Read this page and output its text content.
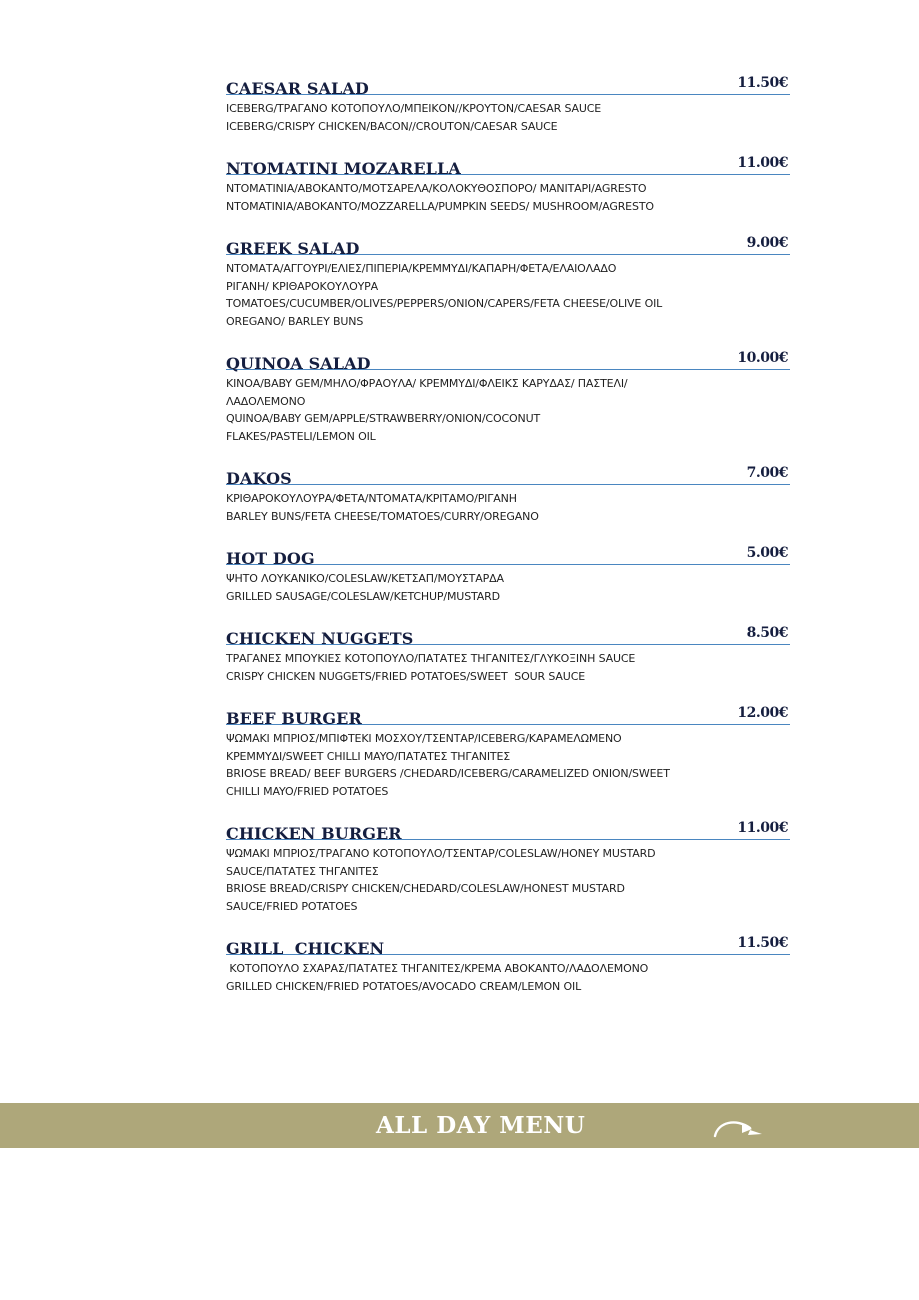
CAESAR SALAD	11.50€
ICEBERG/ΤΡΑΓΑΝΟ ΚΟΤΟΠΟΥΛΟ/ΜΠΕΙΚΟΝ//ΚΡΟΥΤΟΝ/CAESAR SAUCE
ICEBERG/CRISPY CHICKEN/BACON//CROUTON/CAESAR SAUCE
NTOMATINI MOZARELLA	11.00€
ΝΤΟΜΑΤΙΝΙΑ/ΑΒΟΚΑΝΤΟ/ΜΟΤΣΑΡΕΛΑ/ΚΟΛΟΚΥΘΟΣΠΟΡΟ/ ΜΑΝΙΤΑΡΙ/AGRESTO
NTOMATINIA/ABOKANTO/MOZZARELLA/PUMPKIN SEEDS/ MUSHROOM/AGRESTO
GREEK SALAD	9.00€
ΝΤΟΜΑΤΑ/ΑΓΓΟΥΡΙ/ΕΛΙΕΣ/ΠΙΠΕΡΙΑ/ΚΡΕΜΜΥΔΙ/ΚΑΠΑΡΗ/ΦΕΤΑ/ΕΛΑΙΟΛΑΔΟ
ΡΙΓΑΝΗ/ ΚΡΙΘΑΡΟΚΟΥΛΟΥΡΑ
TOMATOES/CUCUMBER/OLIVES/PEPPERS/ONION/CAPERS/FETA CHEESE/OLIVE OIL
OREGANO/ BARLEY BUNS
QUINOA SALAD	10.00€
ΚΙΝΟΑ/BABY GEM/ΜΗΛΟ/ΦΡΑΟΥΛΑ/ ΚΡΕΜΜΥΔΙ/ΦΛΕΙΚΣ ΚΑΡΥΔΑΣ/ ΠΑΣΤΕΛΙ/
ΛΑΔΟΛΕΜΟΝΟ
QUINOA/BABY GEM/APPLE/STRAWBERRY/ONION/COCONUT
FLAKES/PASTELI/LEMON OIL
DAKOS	7.00€
ΚΡΙΘΑΡΟΚΟΥΛΟΥΡΑ/ΦΕΤΑ/ΝΤΟΜΑΤΑ/ΚΡΙΤΑΜΟ/ΡΙΓΑΝΗ
BARLEY BUNS/FETA CHEESE/TOMATOES/CURRY/OREGANO
HOT DOG	5.00€
ΨΗΤΟ ΛΟΥΚΑΝΙΚΟ/COLESLAW/ΚΕΤΣΑΠ/ΜΟΥΣΤΑΡΔΑ
GRILLED SAUSAGE/COLESLAW/KETCHUP/MUSTARD
CHICKEN NUGGETS	8.50€
ΤΡΑΓΑΝΕΣ ΜΠΟΥΚΙΕΣ ΚΟΤΟΠΟΥΛΟ/ΠΑΤΑΤΕΣ ΤΗΓΑΝΙΤΕΣ/ΓΛΥΚΟΞΙΝΗ SAUCE
CRISPY CHICKEN NUGGETS/FRIED POTATOES/SWEET  SOUR SAUCE
BEEF BURGER	12.00€
ΨΩΜΑΚΙ ΜΠΡΙΟΣ/ΜΠΙΦΤΕΚΙ ΜΟΣΧΟΥ/ΤΣΕΝΤΑΡ/ICEBERG/ΚΑΡΑΜΕΛΩΜΕΝΟ
ΚΡΕΜΜΥΔΙ/SWEET CHILLI MAYO/ΠΑΤΑΤΕΣ ΤΗΓΑΝΙΤΕΣ
BRIOSE BREAD/ BEEF BURGERS /CHEDARD/ICEBERG/CARAMELIZED ONION/SWEET
CHILLI MAYO/FRIED POTATOES
CHICKEN BURGER	11.00€
ΨΩΜΑΚΙ ΜΠΡΙΟΣ/ΤΡΑΓΑΝΟ ΚΟΤΟΠΟΥΛΟ/ΤΣΕΝΤΑΡ/COLESLAW/HONEY MUSTARD
SAUCE/ΠΑΤΑΤΕΣ ΤΗΓΑΝΙΤΕΣ
BRIOSE BREAD/CRISPY CHICKEN/CHEDARD/COLESLAW/HONEST MUSTARD
SAUCE/FRIED POTATOES
GRILL  CHICKEN	11.50€
ΚΟΤΟΠΟΥΛΟ ΣΧΑΡΑΣ/ΠΑΤΑΤΕΣ ΤΗΓΑΝΙΤΕΣ/ΚΡΕΜΑ ΑΒΟΚΑΝΤΟ/ΛΑΔΟΛΕΜΟΝΟ
GRILLED CHICKEN/FRIED POTATOES/AVOCADO CREAM/LEMON OIL
ALL DAY MENU
